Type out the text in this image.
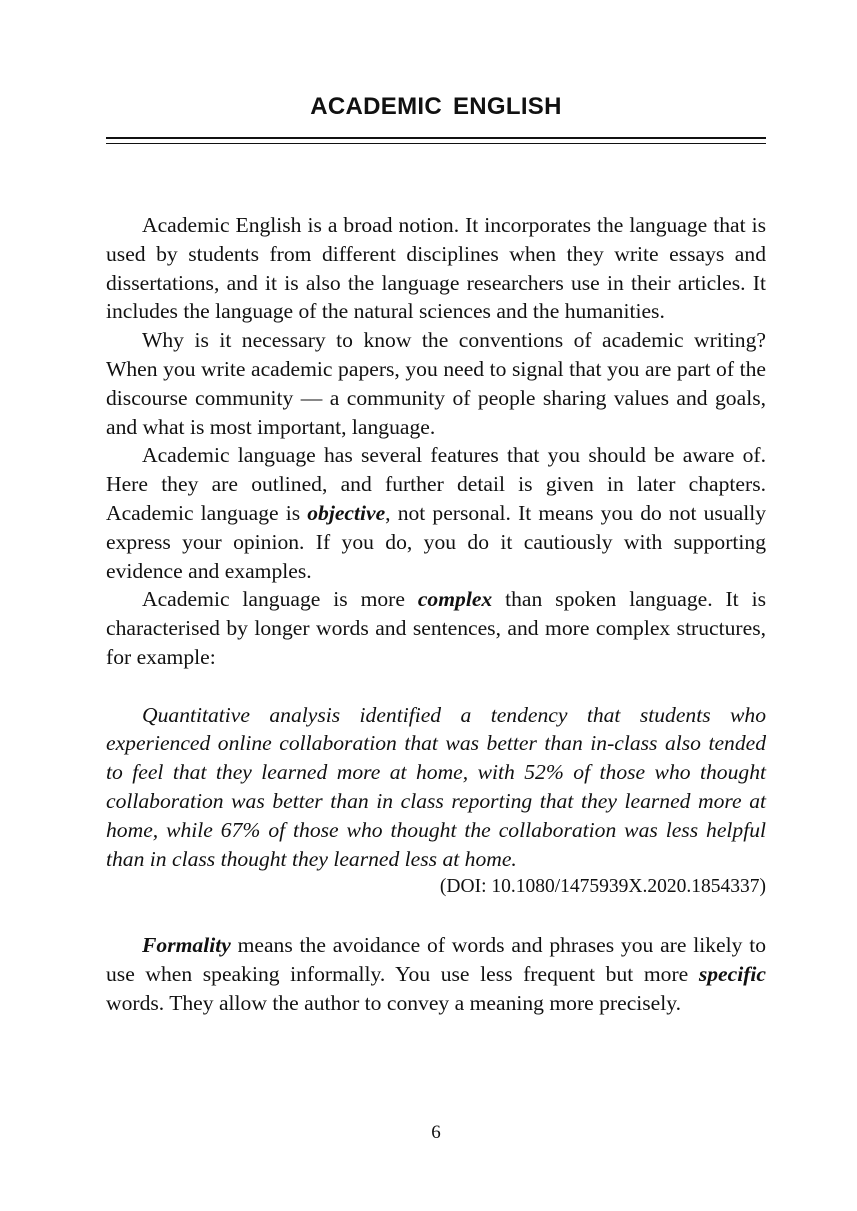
ACADEMIC ENGLISH

Academic English is a broad notion. It incorporates the language that is used by students from different disciplines when they write essays and dissertations, and it is also the language researchers use in their articles. It includes the language of the natural sciences and the humanities.

Why is it necessary to know the conventions of academic writing? When you write academic papers, you need to signal that you are part of the discourse community — a community of people sharing values and goals, and what is most important, language.

Academic language has several features that you should be aware of. Here they are outlined, and further detail is given in later chapters. Academic language is objective, not personal. It means you do not usually express your opinion. If you do, you do it cautiously with supporting evidence and examples.

Academic language is more complex than spoken language. It is characterised by longer words and sentences, and more complex structures, for example:

Quantitative analysis identified a tendency that students who experienced online collaboration that was better than in-class also tended to feel that they learned more at home, with 52% of those who thought collaboration was better than in class reporting that they learned more at home, while 67% of those who thought the collaboration was less helpful than in class thought they learned less at home.

(DOI: 10.1080/1475939X.2020.1854337)

Formality means the avoidance of words and phrases you are likely to use when speaking informally. You use less frequent but more specific words. They allow the author to convey a meaning more precisely.

6
